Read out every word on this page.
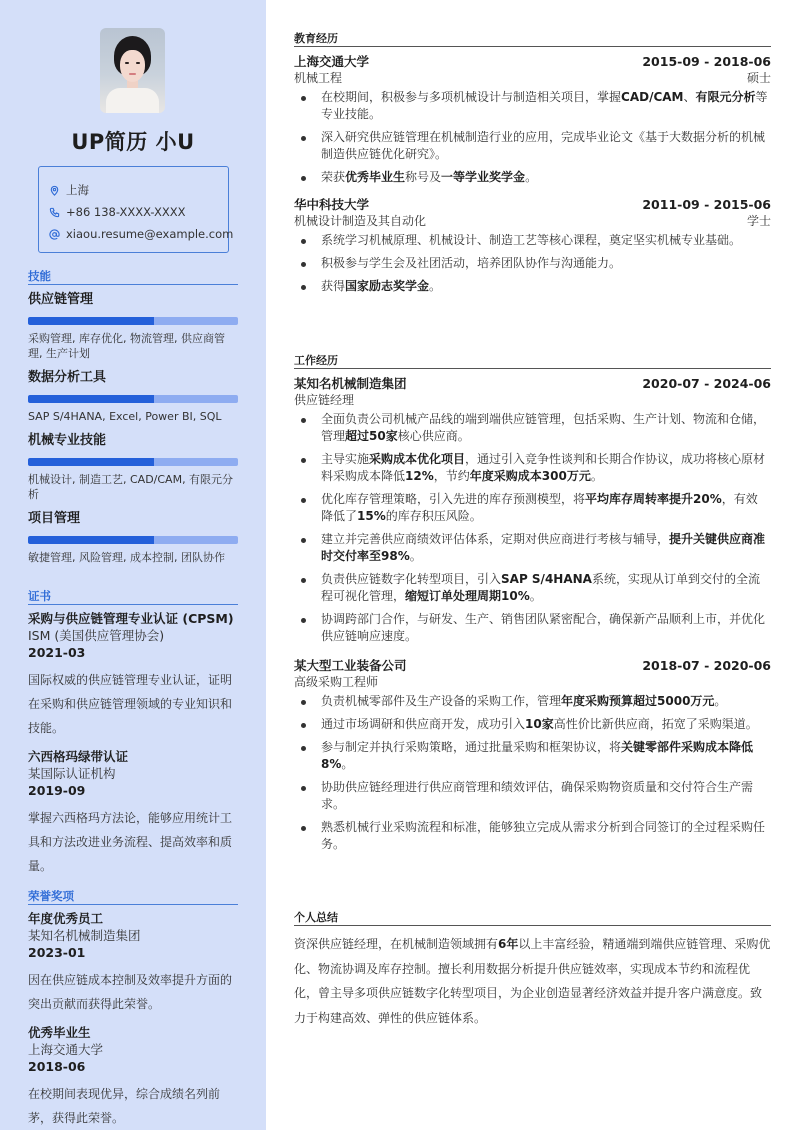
UP简历 小U
上海
+86 138-XXXX-XXXX
xiaou.resume@example.com
技能
供应链管理
采购管理, 库存优化, 物流管理, 供应商管理, 生产计划
数据分析工具
SAP S/4HANA, Excel, Power BI, SQL
机械专业技能
机械设计, 制造工艺, CAD/CAM, 有限元分析
项目管理
敏捷管理, 风险管理, 成本控制, 团队协作
证书
采购与供应链管理专业认证 (CPSM)
ISM (美国供应管理协会)
2021-03
国际权威的供应链管理专业认证，证明在采购和供应链管理领域的专业知识和技能。
六西格玛绿带认证
某国际认证机构
2019-09
掌握六西格玛方法论，能够应用统计工具和方法改进业务流程、提高效率和质量。
荣誉奖项
年度优秀员工
某知名机械制造集团
2023-01
因在供应链成本控制及效率提升方面的突出贡献而获得此荣誉。
优秀毕业生
上海交通大学
2018-06
在校期间表现优异，综合成绩名列前茅，获得此荣誉。
教育经历
上海交通大学	2015-09 - 2018-06
机械工程	硕士
在校期间，积极参与多项机械设计与制造相关项目，掌握CAD/CAM、有限元分析等专业技能。
深入研究供应链管理在机械制造行业的应用，完成毕业论文《基于大数据分析的机械制造供应链优化研究》。
荣获优秀毕业生称号及一等学业奖学金。
华中科技大学	2011-09 - 2015-06
机械设计制造及其自动化	学士
系统学习机械原理、机械设计、制造工艺等核心课程，奠定坚实机械专业基础。
积极参与学生会及社团活动，培养团队协作与沟通能力。
获得国家励志奖学金。
工作经历
某知名机械制造集团	2020-07 - 2024-06
供应链经理
全面负责公司机械产品线的端到端供应链管理，包括采购、生产计划、物流和仓储，管理超过50家核心供应商。
主导实施采购成本优化项目，通过引入竞争性谈判和长期合作协议，成功将核心原材料采购成本降低12%，节约年度采购成本300万元。
优化库存管理策略，引入先进的库存预测模型，将平均库存周转率提升20%，有效降低了15%的库存积压风险。
建立并完善供应商绩效评估体系，定期对供应商进行考核与辅导，提升关键供应商准时交付率至98%。
负责供应链数字化转型项目，引入SAP S/4HANA系统，实现从订单到交付的全流程可视化管理，缩短订单处理周期10%。
协调跨部门合作，与研发、生产、销售团队紧密配合，确保新产品顺利上市，并优化供应链响应速度。
某大型工业装备公司	2018-07 - 2020-06
高级采购工程师
负责机械零部件及生产设备的采购工作，管理年度采购预算超过5000万元。
通过市场调研和供应商开发，成功引入10家高性价比新供应商，拓宽了采购渠道。
参与制定并执行采购策略，通过批量采购和框架协议，将关键零部件采购成本降低8%。
协助供应链经理进行供应商管理和绩效评估，确保采购物资质量和交付符合生产需求。
熟悉机械行业采购流程和标准，能够独立完成从需求分析到合同签订的全过程采购任务。
个人总结
资深供应链经理，在机械制造领域拥有6年以上丰富经验，精通端到端供应链管理、采购优化、物流协调及库存控制。擅长利用数据分析提升供应链效率，实现成本节约和流程优化，曾主导多项供应链数字化转型项目，为企业创造显著经济效益并提升客户满意度。致力于构建高效、弹性的供应链体系。
